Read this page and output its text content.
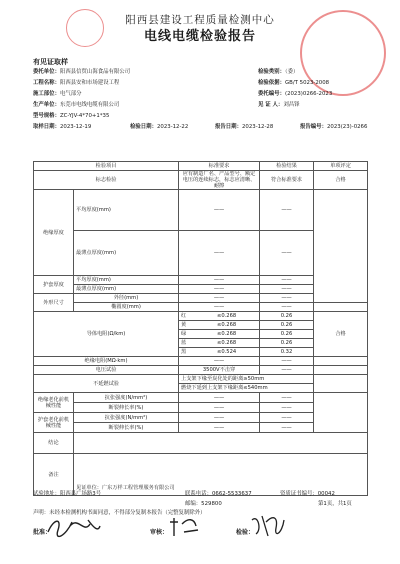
阳西县建设工程质量检测中心
电线电缆检验报告
有见证取样
委托单位：阳西县信贸山海食品有限公司
工程名称：阳西县安和市场建设工程
施工部位：电气部分
生产单位：东莞市电线电缆有限公司
型号规格：ZC-YJV-4*70+1*35
取样日期：2023-12-19	检验日期：2023-12-22	报告日期：2023-12-28
检验类别：（委）
检验依据：GB/T 5023-2008
委托编号：(2023)0266-2023
见 证 人：刘昌锋
报告编号：2023(23)-0266
检验项目		标准要求	检验结果	单项评定
标志检验		应有制造厂名、产品型号、额定电压的连续标志，标志应清晰、耐擦	符合标准要求	合格
绝缘厚度	平均厚度(mm)	——	——	
	最薄点厚度(mm)	——	——	
护套厚度	平均厚度(mm)	——	——	
	最薄点厚度(mm)	——	——	
外形尺寸	外径(mm)	——	——	
	椭圆度(mm)	——	——	
导体电阻(Ω/km)		红 ≤0.268	0.26	合格
		黄 ≤0.268	0.26	
		绿 ≤0.268	0.26	
		蓝 ≤0.268	0.26	
		黑 ≤0.524	0.32	
绝缘电阻(MΩ·km)		——	——	
电压试验		3500V不击穿	——	
不延燃试验		上支架下缘至炭化处的距离≥50mm		
		燃烧下延到上支架下缘距离≤540mm		
绝缘老化前机械性能	抗张强度(N/mm²)	——	——	
	断裂伸长率(%)	——	——	
护套老化前机械性能	抗张强度(N/mm²)	——	——	
	断裂伸长率(%)	——	——	
结论				
备注	见证单位：广东万样工程管理服务有限公司			
试验地址：阳西县广场路3号	联系电话：0662-5533637	资质证书编号：00042
邮编：529800	第1页，共1页
声明：未经本检测机构书面同意，不得部分复制本报告（完整复制除外）
批准：	审核：	检验：
